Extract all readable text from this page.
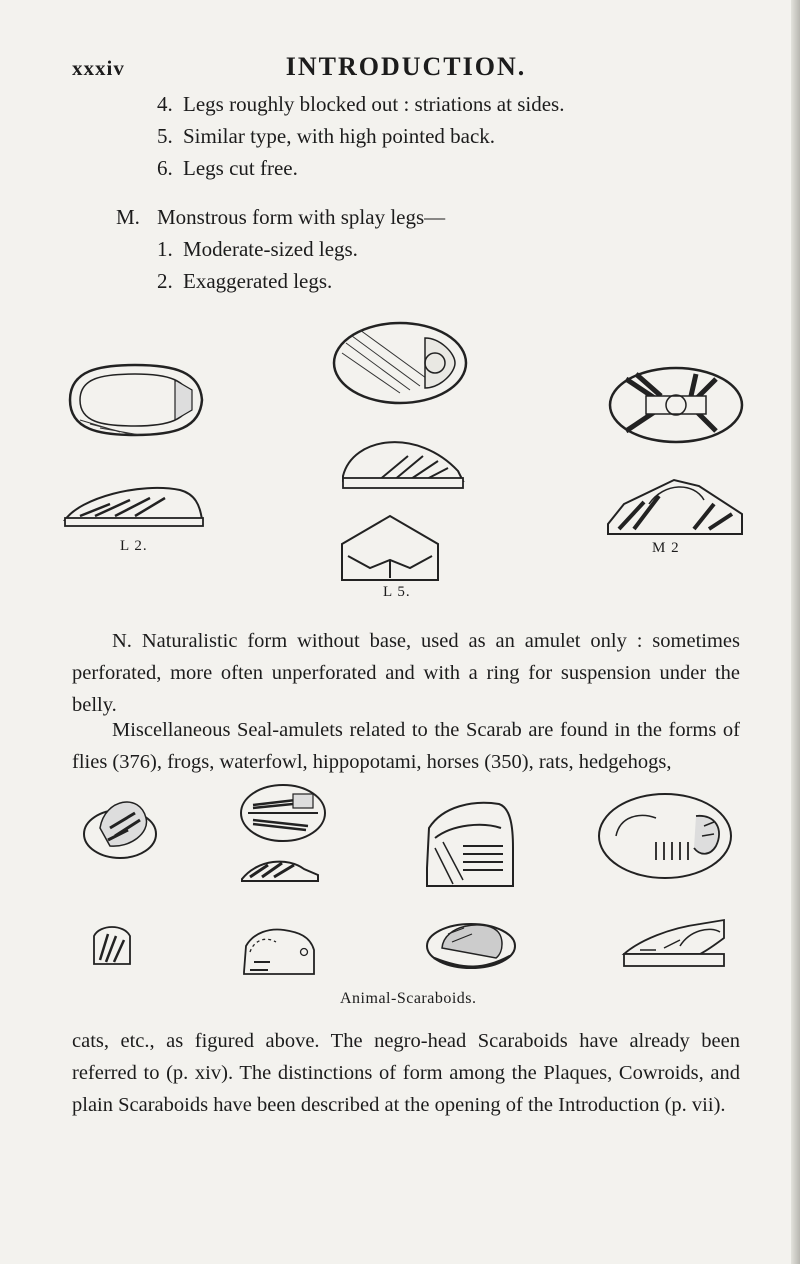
xxxiv	INTRODUCTION.
4. Legs roughly blocked out : striations at sides.
5. Similar type, with high pointed back.
6. Legs cut free.
M. Monstrous form with splay legs—
1. Moderate-sized legs.
2. Exaggerated legs.
L 2.
L 5.
M 2
N. Naturalistic form without base, used as an amulet only : sometimes perforated, more often unperforated and with a ring for suspension under the belly.
Miscellaneous Seal-amulets related to the Scarab are found in the forms of flies (376), frogs, waterfowl, hippopotami, horses (350), rats, hedgehogs,
Animal-Scaraboids.
cats, etc., as figured above. The negro-head Scaraboids have already been referred to (p. xiv). The distinctions of form among the Plaques, Cowroids, and plain Scaraboids have been described at the opening of the Introduction (p. vii).
